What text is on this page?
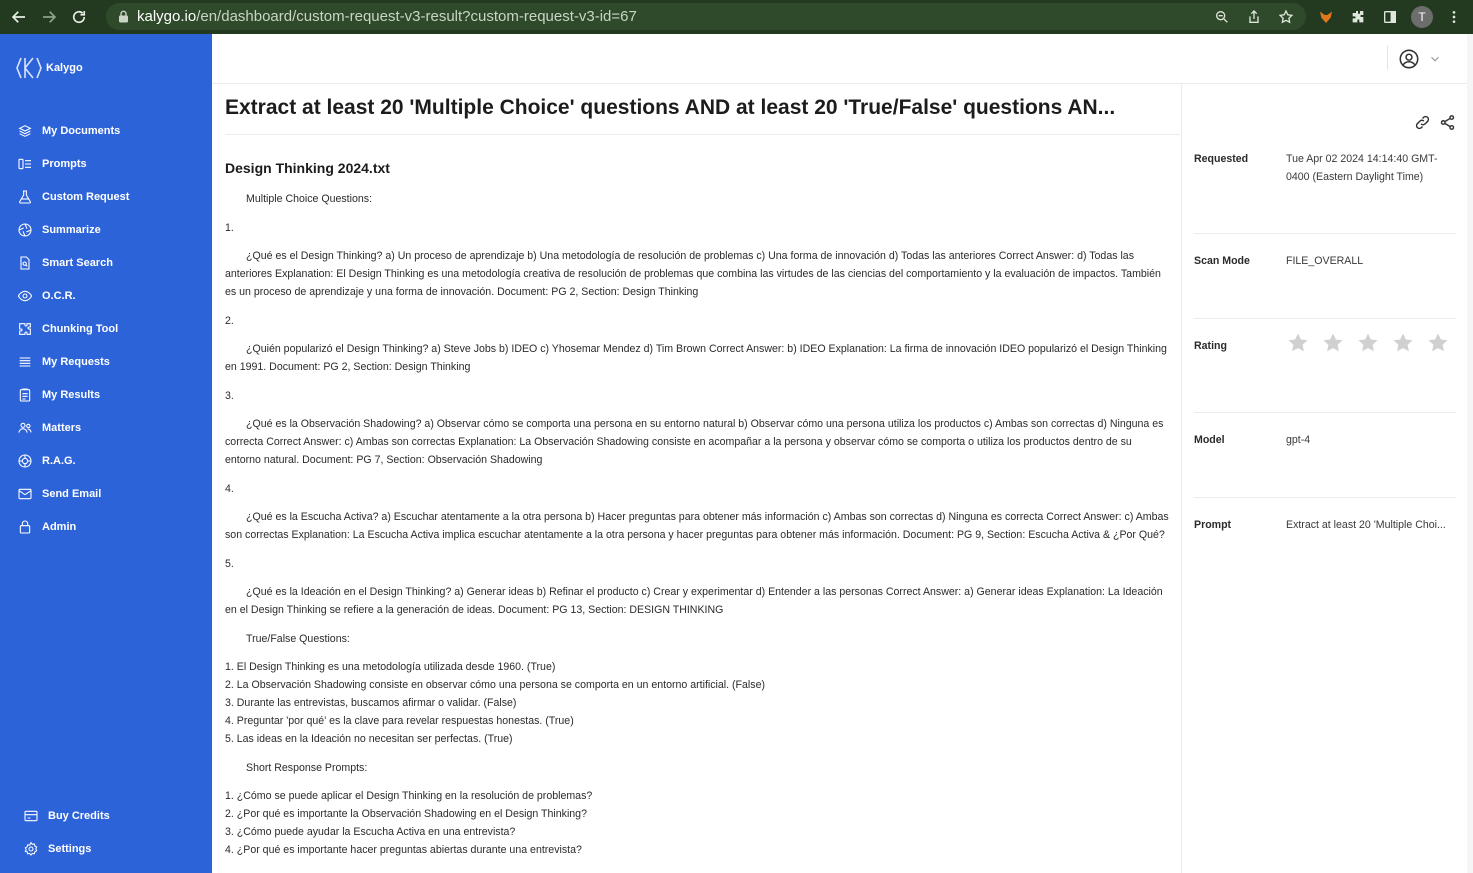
kalygo.io/en/dashboard/custom-request-v3-result?custom-request-v3-id=67	T
Kalygo
My Documents
Prompts
Custom Request
Summarize
Smart Search
O.C.R.
Chunking Tool
My Requests
My Results
Matters
R.A.G.
Send Email
Admin
Buy Credits
Settings
Extract at least 20 'Multiple Choice' questions AND at least 20 'True/False' questions AN...
Design Thinking 2024.txt

Multiple Choice Questions:

1.

¿Qué es el Design Thinking? a) Un proceso de aprendizaje b) Una metodología de resolución de problemas c) Una forma de innovación d) Todas las anteriores Correct Answer: d) Todas las anteriores Explanation: El Design Thinking es una metodología creativa de resolución de problemas que combina las virtudes de las ciencias del comportamiento y la evaluación de impactos. También es un proceso de aprendizaje y una forma de innovación. Document: PG 2, Section: Design Thinking

2.

¿Quién popularizó el Design Thinking? a) Steve Jobs b) IDEO c) Yhosemar Mendez d) Tim Brown Correct Answer: b) IDEO Explanation: La firma de innovación IDEO popularizó el Design Thinking en 1991. Document: PG 2, Section: Design Thinking

3.

¿Qué es la Observación Shadowing? a) Observar cómo se comporta una persona en su entorno natural b) Observar cómo una persona utiliza los productos c) Ambas son correctas d) Ninguna es correcta Correct Answer: c) Ambas son correctas Explanation: La Observación Shadowing consiste en acompañar a la persona y observar cómo se comporta o utiliza los productos dentro de su entorno natural. Document: PG 7, Section: Observación Shadowing

4.

¿Qué es la Escucha Activa? a) Escuchar atentamente a la otra persona b) Hacer preguntas para obtener más información c) Ambas son correctas d) Ninguna es correcta Correct Answer: c) Ambas son correctas Explanation: La Escucha Activa implica escuchar atentamente a la otra persona y hacer preguntas para obtener más información. Document: PG 9, Section: Escucha Activa & ¿Por Qué?

5.

¿Qué es la Ideación en el Design Thinking? a) Generar ideas b) Refinar el producto c) Crear y experimentar d) Entender a las personas Correct Answer: a) Generar ideas Explanation: La Ideación en el Design Thinking se refiere a la generación de ideas. Document: PG 13, Section: DESIGN THINKING

True/False Questions:

1. El Design Thinking es una metodología utilizada desde 1960. (True)

2. La Observación Shadowing consiste en observar cómo una persona se comporta en un entorno artificial. (False)

3. Durante las entrevistas, buscamos afirmar o validar. (False)

4. Preguntar 'por qué' es la clave para revelar respuestas honestas. (True)

5. Las ideas en la Ideación no necesitan ser perfectas. (True)

Short Response Prompts:

1. ¿Cómo se puede aplicar el Design Thinking en la resolución de problemas?

2. ¿Por qué es importante la Observación Shadowing en el Design Thinking?

3. ¿Cómo puede ayudar la Escucha Activa en una entrevista?

4. ¿Por qué es importante hacer preguntas abiertas durante una entrevista?

Requested	Tue Apr 02 2024 14:14:40 GMT-0400 (Eastern Daylight Time)
Scan Mode	FILE_OVERALL
Rating
Model	gpt-4
Prompt	Extract at least 20 'Multiple Choi...
